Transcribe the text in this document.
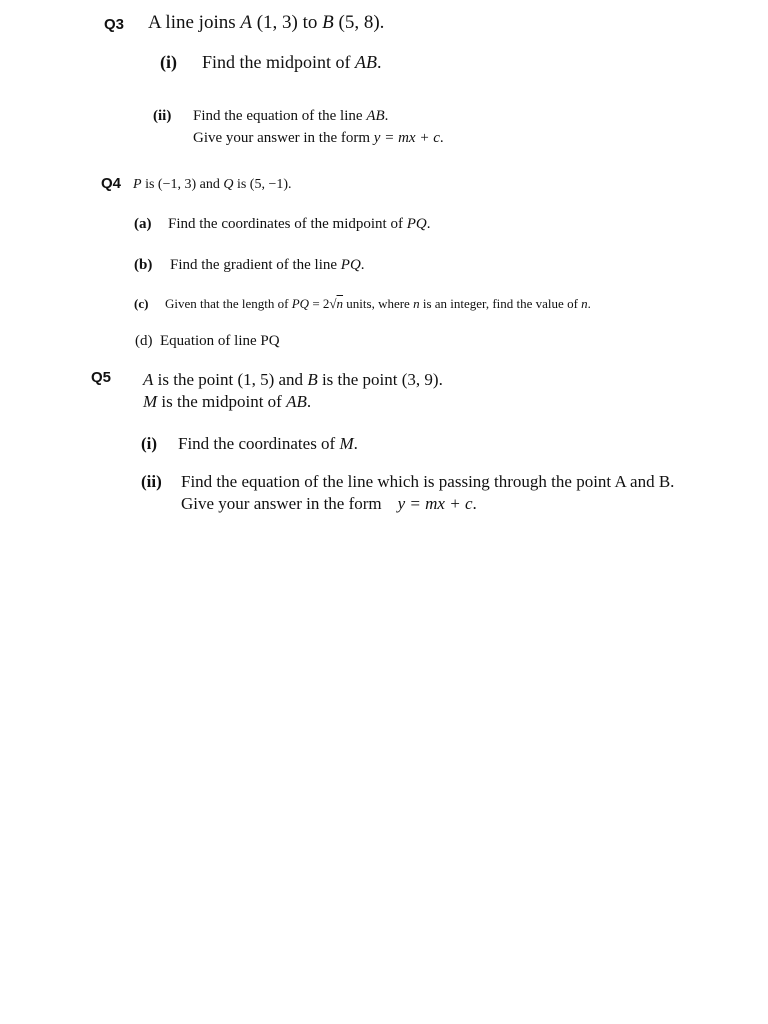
Q3 A line joins A (1, 3) to B (5, 8).
(i) Find the midpoint of AB.
(ii) Find the equation of the line AB.
Give your answer in the form y = mx + c.
Q4 P is (−1, 3) and Q is (5, −1).
(a) Find the coordinates of the midpoint of PQ.
(b) Find the gradient of the line PQ.
(c) Given that the length of PQ = 2√n units, where n is an integer, find the value of n.
(d) Equation of line PQ
Q5 A is the point (1, 5) and B is the point (3, 9).
M is the midpoint of AB.
(i) Find the coordinates of M.
(ii) Find the equation of the line which is passing through the point A and B.
Give your answer in the form y = mx + c.
